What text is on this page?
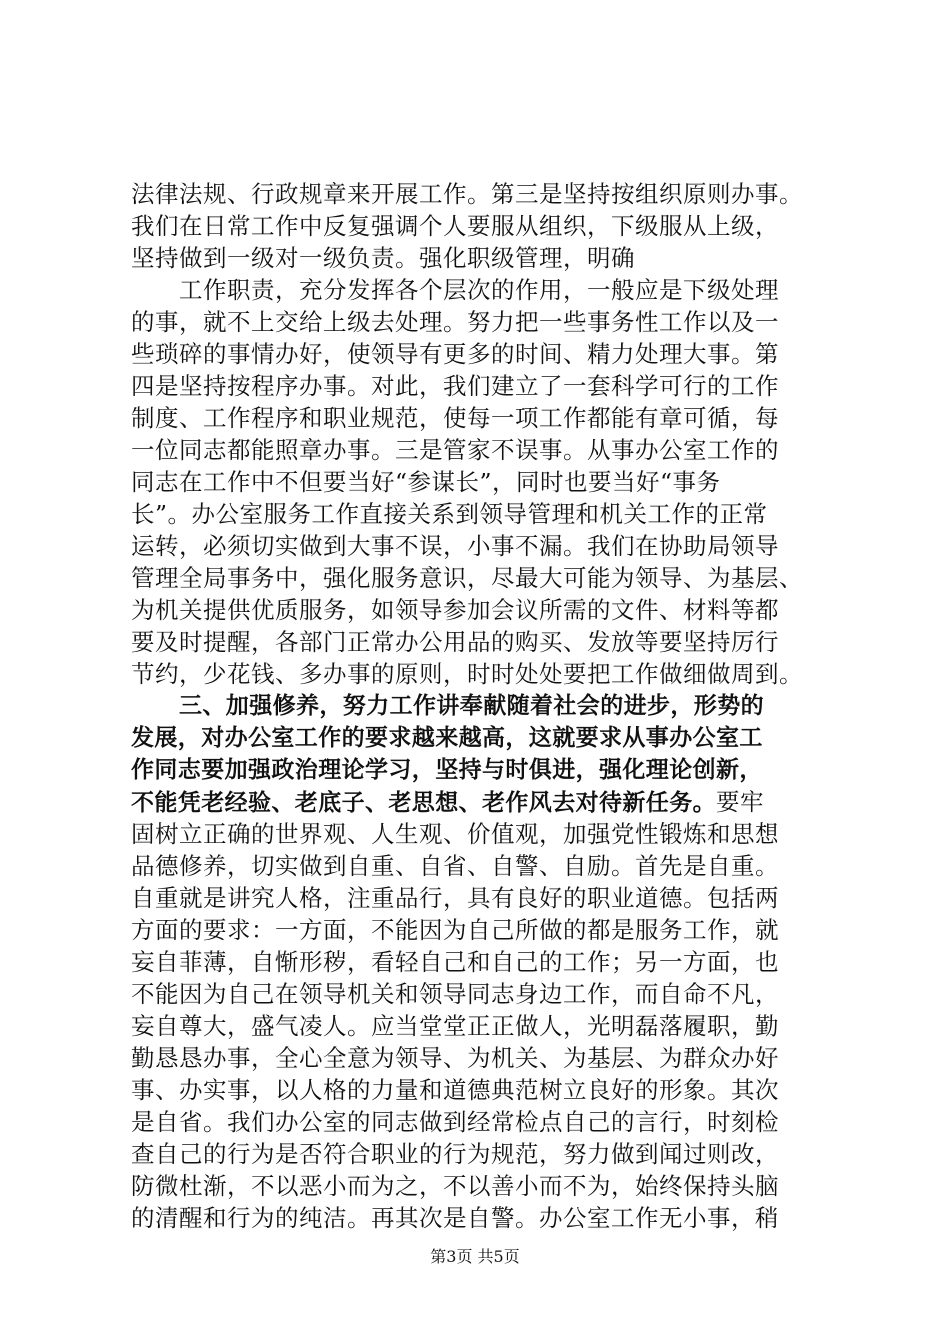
法律法规、行政规章来开展工作。第三是坚持按组织原则办事。
我们在日常工作中反复强调个人要服从组织，下级服从上级，
坚持做到一级对一级负责。强化职级管理，明确
工作职责，充分发挥各个层次的作用，一般应是下级处理
的事，就不上交给上级去处理。努力把一些事务性工作以及一
些琐碎的事情办好，使领导有更多的时间、精力处理大事。第
四是坚持按程序办事。对此，我们建立了一套科学可行的工作
制度、工作程序和职业规范，使每一项工作都能有章可循，每
一位同志都能照章办事。三是管家不误事。从事办公室工作的
同志在工作中不但要当好“参谋长”，同时也要当好“事务
长”。办公室服务工作直接关系到领导管理和机关工作的正常
运转，必须切实做到大事不误，小事不漏。我们在协助局领导
管理全局事务中，强化服务意识，尽最大可能为领导、为基层、
为机关提供优质服务，如领导参加会议所需的文件、材料等都
要及时提醒，各部门正常办公用品的购买、发放等要坚持厉行
节约，少花钱、多办事的原则，时时处处要把工作做细做周到。
三、加强修养，努力工作讲奉献随着社会的进步，形势的
发展，对办公室工作的要求越来越高，这就要求从事办公室工
作同志要加强政治理论学习，坚持与时俱进，强化理论创新，
不能凭老经验、老底子、老思想、老作风去对待新任务。要牢
固树立正确的世界观、人生观、价值观，加强党性锻炼和思想
品德修养，切实做到自重、自省、自警、自励。首先是自重。
自重就是讲究人格，注重品行，具有良好的职业道德。包括两
方面的要求：一方面，不能因为自己所做的都是服务工作，就
妄自菲薄，自惭形秽，看轻自己和自己的工作；另一方面，也
不能因为自己在领导机关和领导同志身边工作，而自命不凡，
妄自尊大，盛气凌人。应当堂堂正正做人，光明磊落履职，勤
勤恳恳办事，全心全意为领导、为机关、为基层、为群众办好
事、办实事，以人格的力量和道德典范树立良好的形象。其次
是自省。我们办公室的同志做到经常检点自己的言行，时刻检
查自己的行为是否符合职业的行为规范，努力做到闻过则改，
防微杜渐，不以恶小而为之，不以善小而不为，始终保持头脑
的清醒和行为的纯洁。再其次是自警。办公室工作无小事，稍
第3页 共5页
